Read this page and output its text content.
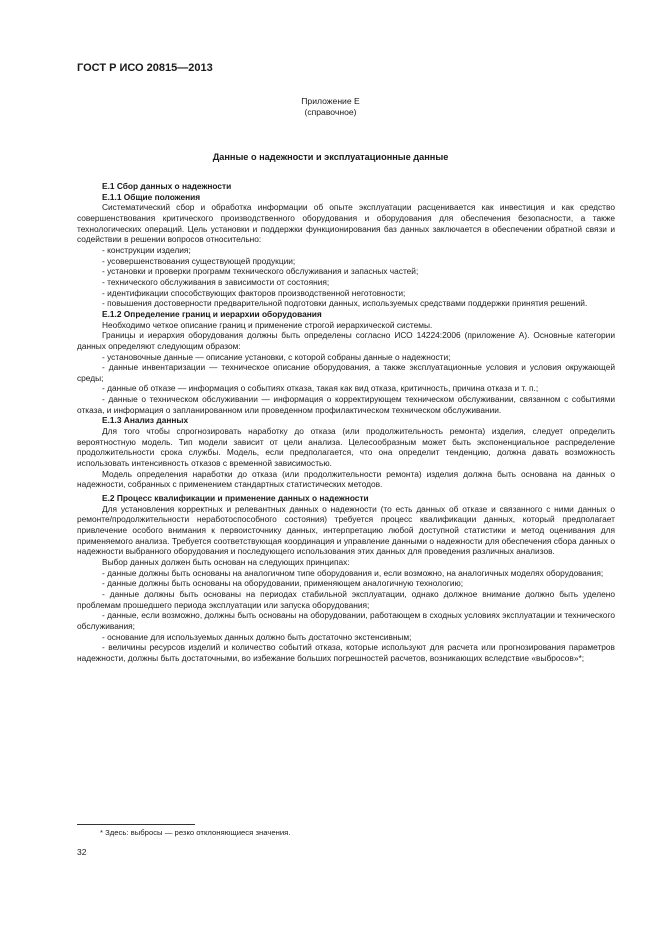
ГОСТ Р ИСО 20815—2013
Приложение Е
(справочное)
Данные о надежности и эксплуатационные данные

Е.1 Сбор данных о надежности

Е.1.1 Общие положения

Систематический сбор и обработка информации об опыте эксплуатации расценивается как инвестиция и как средство совершенствования критического производственного оборудования и оборудования для обеспечения безопасности, а также технологических операций. Цель установки и поддержки функционирования баз данных заключается в обеспечении обратной связи и содействии в решении вопросов относительно:

- конструкции изделия;

- усовершенствования существующей продукции;

- установки и проверки программ технического обслуживания и запасных частей;

- технического обслуживания в зависимости от состояния;

- идентификации способствующих факторов производственной неготовности;

- повышения достоверности предварительной подготовки данных, используемых средствами поддержки принятия решений.

Е.1.2 Определение границ и иерархии оборудования

Необходимо четкое описание границ и применение строгой иерархической системы.

Границы и иерархия оборудования должны быть определены согласно ИСО 14224:2006 (приложение А). Основные категории данных определяют следующим образом:

- установочные данные — описание установки, с которой собраны данные о надежности;

- данные инвентаризации — техническое описание оборудования, а также эксплуатационные условия и условия окружающей среды;

- данные об отказе — информация о событиях отказа, такая как вид отказа, критичность, причина отказа и т. п.;

- данные о техническом обслуживании — информация о корректирующем техническом обслуживании, связанном с событиями отказа, и информация о запланированном или проведенном профилактическом техническом обслуживании.

Е.1.3 Анализ данных

Для того чтобы спрогнозировать наработку до отказа (или продолжительность ремонта) изделия, следует определить вероятностную модель. Тип модели зависит от цели анализа. Целесообразным может быть экспоненциальное распределение продолжительности срока службы. Модель, если предполагается, что она определит тенденцию, должна давать возможность использовать интенсивность отказов с временной зависимостью.

Модель определения наработки до отказа (или продолжительности ремонта) изделия должна быть основана на данных о надежности, собранных с применением стандартных статистических методов.

Е.2 Процесс квалификации и применение данных о надежности

Для установления корректных и релевантных данных о надежности (то есть данных об отказе и связанного с ними данных о ремонте/продолжительности неработоспособного состояния) требуется процесс квалификации данных, который предполагает привлечение особого внимания к первоисточнику данных, интерпретацию любой доступной статистики и метод оценивания для применяемого анализа. Требуется соответствующая координация и управление данными о надежности для обеспечения сбора данных о надежности выбранного оборудования и последующего использования этих данных для проведения различных анализов.

Выбор данных должен быть основан на следующих принципах:

- данные должны быть основаны на аналогичном типе оборудования и, если возможно, на аналогичных моделях оборудования;

- данные должны быть основаны на оборудовании, применяющем аналогичную технологию;

- данные должны быть основаны на периодах стабильной эксплуатации, однако должное внимание должно быть уделено проблемам прошедшего периода эксплуатации или запуска оборудования;

- данные, если возможно, должны быть основаны на оборудовании, работающем в сходных условиях эксплуатации и технического обслуживания;

- основание для используемых данных должно быть достаточно экстенсивным;

- величины ресурсов изделий и количество событий отказа, которые используют для расчета или прогнозирования параметров надежности, должны быть достаточными, во избежание больших погрешностей расчетов, возникающих вследствие «выбросов»*;

* Здесь: выбросы — резко отклоняющиеся значения.
32
